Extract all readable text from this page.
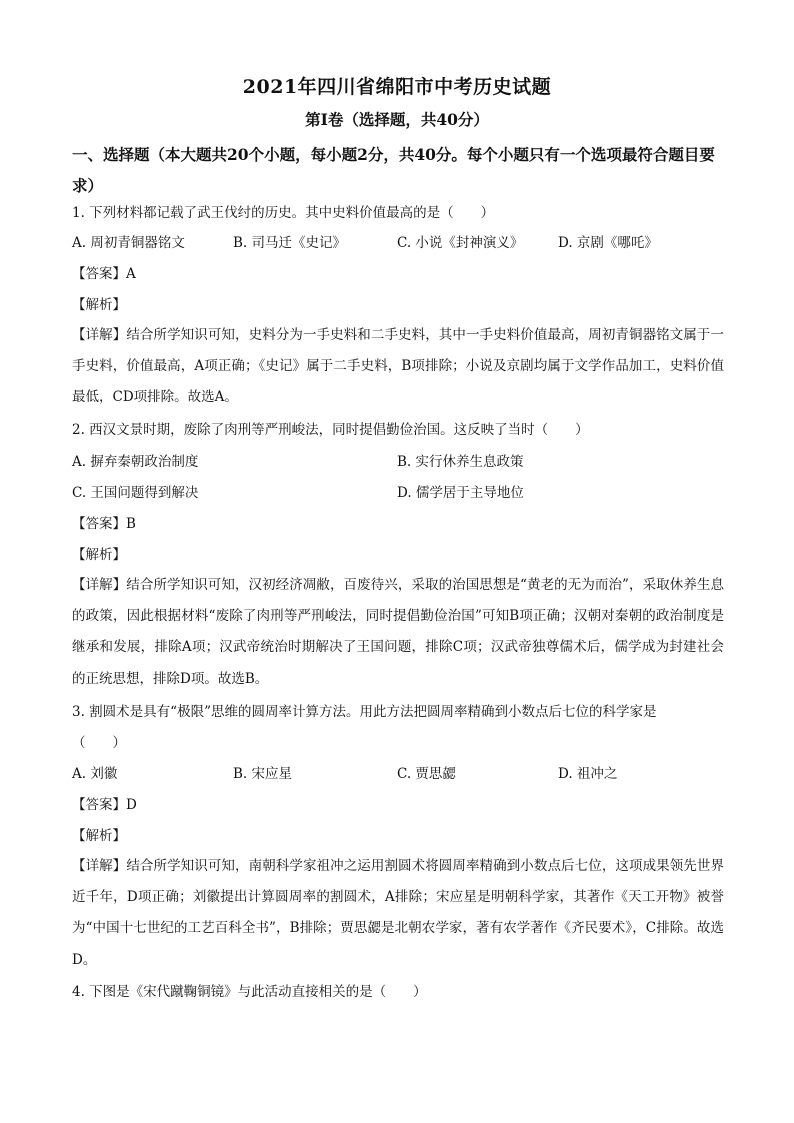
2021年四川省绵阳市中考历史试题
第Ⅰ卷（选择题，共40分）
一、选择题（本大题共20个小题，每小题2分，共40分。每个小题只有一个选项最符合题目要求）
1. 下列材料都记载了武王伐纣的历史。其中史料价值最高的是（　　）
A. 周初青铜器铭文	B. 司马迁《史记》	C. 小说《封神演义》	D. 京剧《哪吒》
【答案】A
【解析】
【详解】结合所学知识可知，史料分为一手史料和二手史料，其中一手史料价值最高，周初青铜器铭文属于一手史料，价值最高，A项正确；《史记》属于二手史料，B项排除；小说及京剧均属于文学作品加工，史料价值最低，CD项排除。故选A。
2. 西汉文景时期，废除了肉刑等严刑峻法，同时提倡勤俭治国。这反映了当时（　　）
A. 摒弃秦朝政治制度	B. 实行休养生息政策
C. 王国问题得到解决	D. 儒学居于主导地位
【答案】B
【解析】
【详解】结合所学知识可知，汉初经济凋敝，百废待兴，采取的治国思想是“黄老的无为而治”，采取休养生息的政策，因此根据材料“废除了肉刑等严刑峻法，同时提倡勤俭治国”可知B项正确；汉朝对秦朝的政治制度是继承和发展，排除A项；汉武帝统治时期解决了王国问题，排除C项；汉武帝独尊儒术后，儒学成为封建社会的正统思想，排除D项。故选B。
3. 割圆术是具有“极限”思维的圆周率计算方法。用此方法把圆周率精确到小数点后七位的科学家是
（　　）
A. 刘徽	B. 宋应星	C. 贾思勰	D. 祖冲之
【答案】D
【解析】
【详解】结合所学知识可知，南朝科学家祖冲之运用割圆术将圆周率精确到小数点后七位，这项成果领先世界近千年，D项正确；刘徽提出计算圆周率的割圆术，A排除；宋应星是明朝科学家，其著作《天工开物》被誉为“中国十七世纪的工艺百科全书”，B排除；贾思勰是北朝农学家，著有农学著作《齐民要术》，C排除。故选D。
4. 下图是《宋代蹴鞠铜镜》与此活动直接相关的是（　　）
